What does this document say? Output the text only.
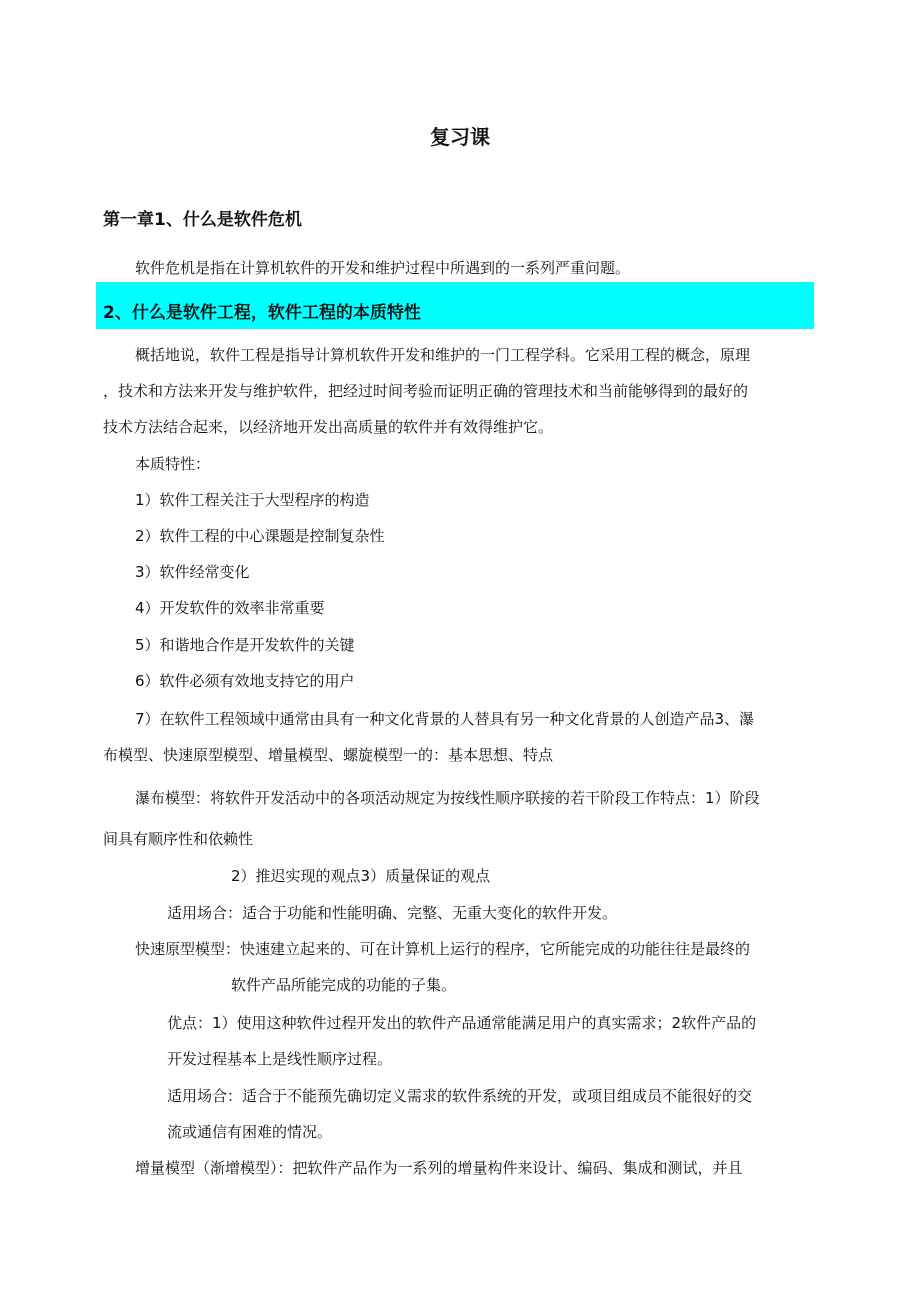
复习课
第一章1、什么是软件危机
软件危机是指在计算机软件的开发和维护过程中所遇到的一系列严重问题。
2、什么是软件工程，软件工程的本质特性
概括地说，软件工程是指导计算机软件开发和维护的一门工程学科。它采用工程的概念，原理
，技术和方法来开发与维护软件，把经过时间考验而证明正确的管理技术和当前能够得到的最好的
技术方法结合起来，以经济地开发出高质量的软件并有效得维护它。
本质特性：
1）软件工程关注于大型程序的构造
2）软件工程的中心课题是控制复杂性
3）软件经常变化
4）开发软件的效率非常重要
5）和谐地合作是开发软件的关键
6）软件必须有效地支持它的用户
7）在软件工程领域中通常由具有一种文化背景的人替具有另一种文化背景的人创造产品3、瀑
布模型、快速原型模型、增量模型、螺旋模型一的：基本思想、特点
瀑布模型：将软件开发活动中的各项活动规定为按线性顺序联接的若干阶段工作特点：1）阶段
间具有顺序性和依赖性
2）推迟实现的观点3）质量保证的观点
适用场合：适合于功能和性能明确、完整、无重大变化的软件开发。
快速原型模型：快速建立起来的、可在计算机上运行的程序，它所能完成的功能往往是最终的
软件产品所能完成的功能的子集。
优点：1）使用这种软件过程开发出的软件产品通常能满足用户的真实需求；2软件产品的
开发过程基本上是线性顺序过程。
适用场合：适合于不能预先确切定义需求的软件系统的开发，或项目组成员不能很好的交
流或通信有困难的情况。
增量模型（渐增模型）：把软件产品作为一系列的增量构件来设计、编码、集成和测试，并且
